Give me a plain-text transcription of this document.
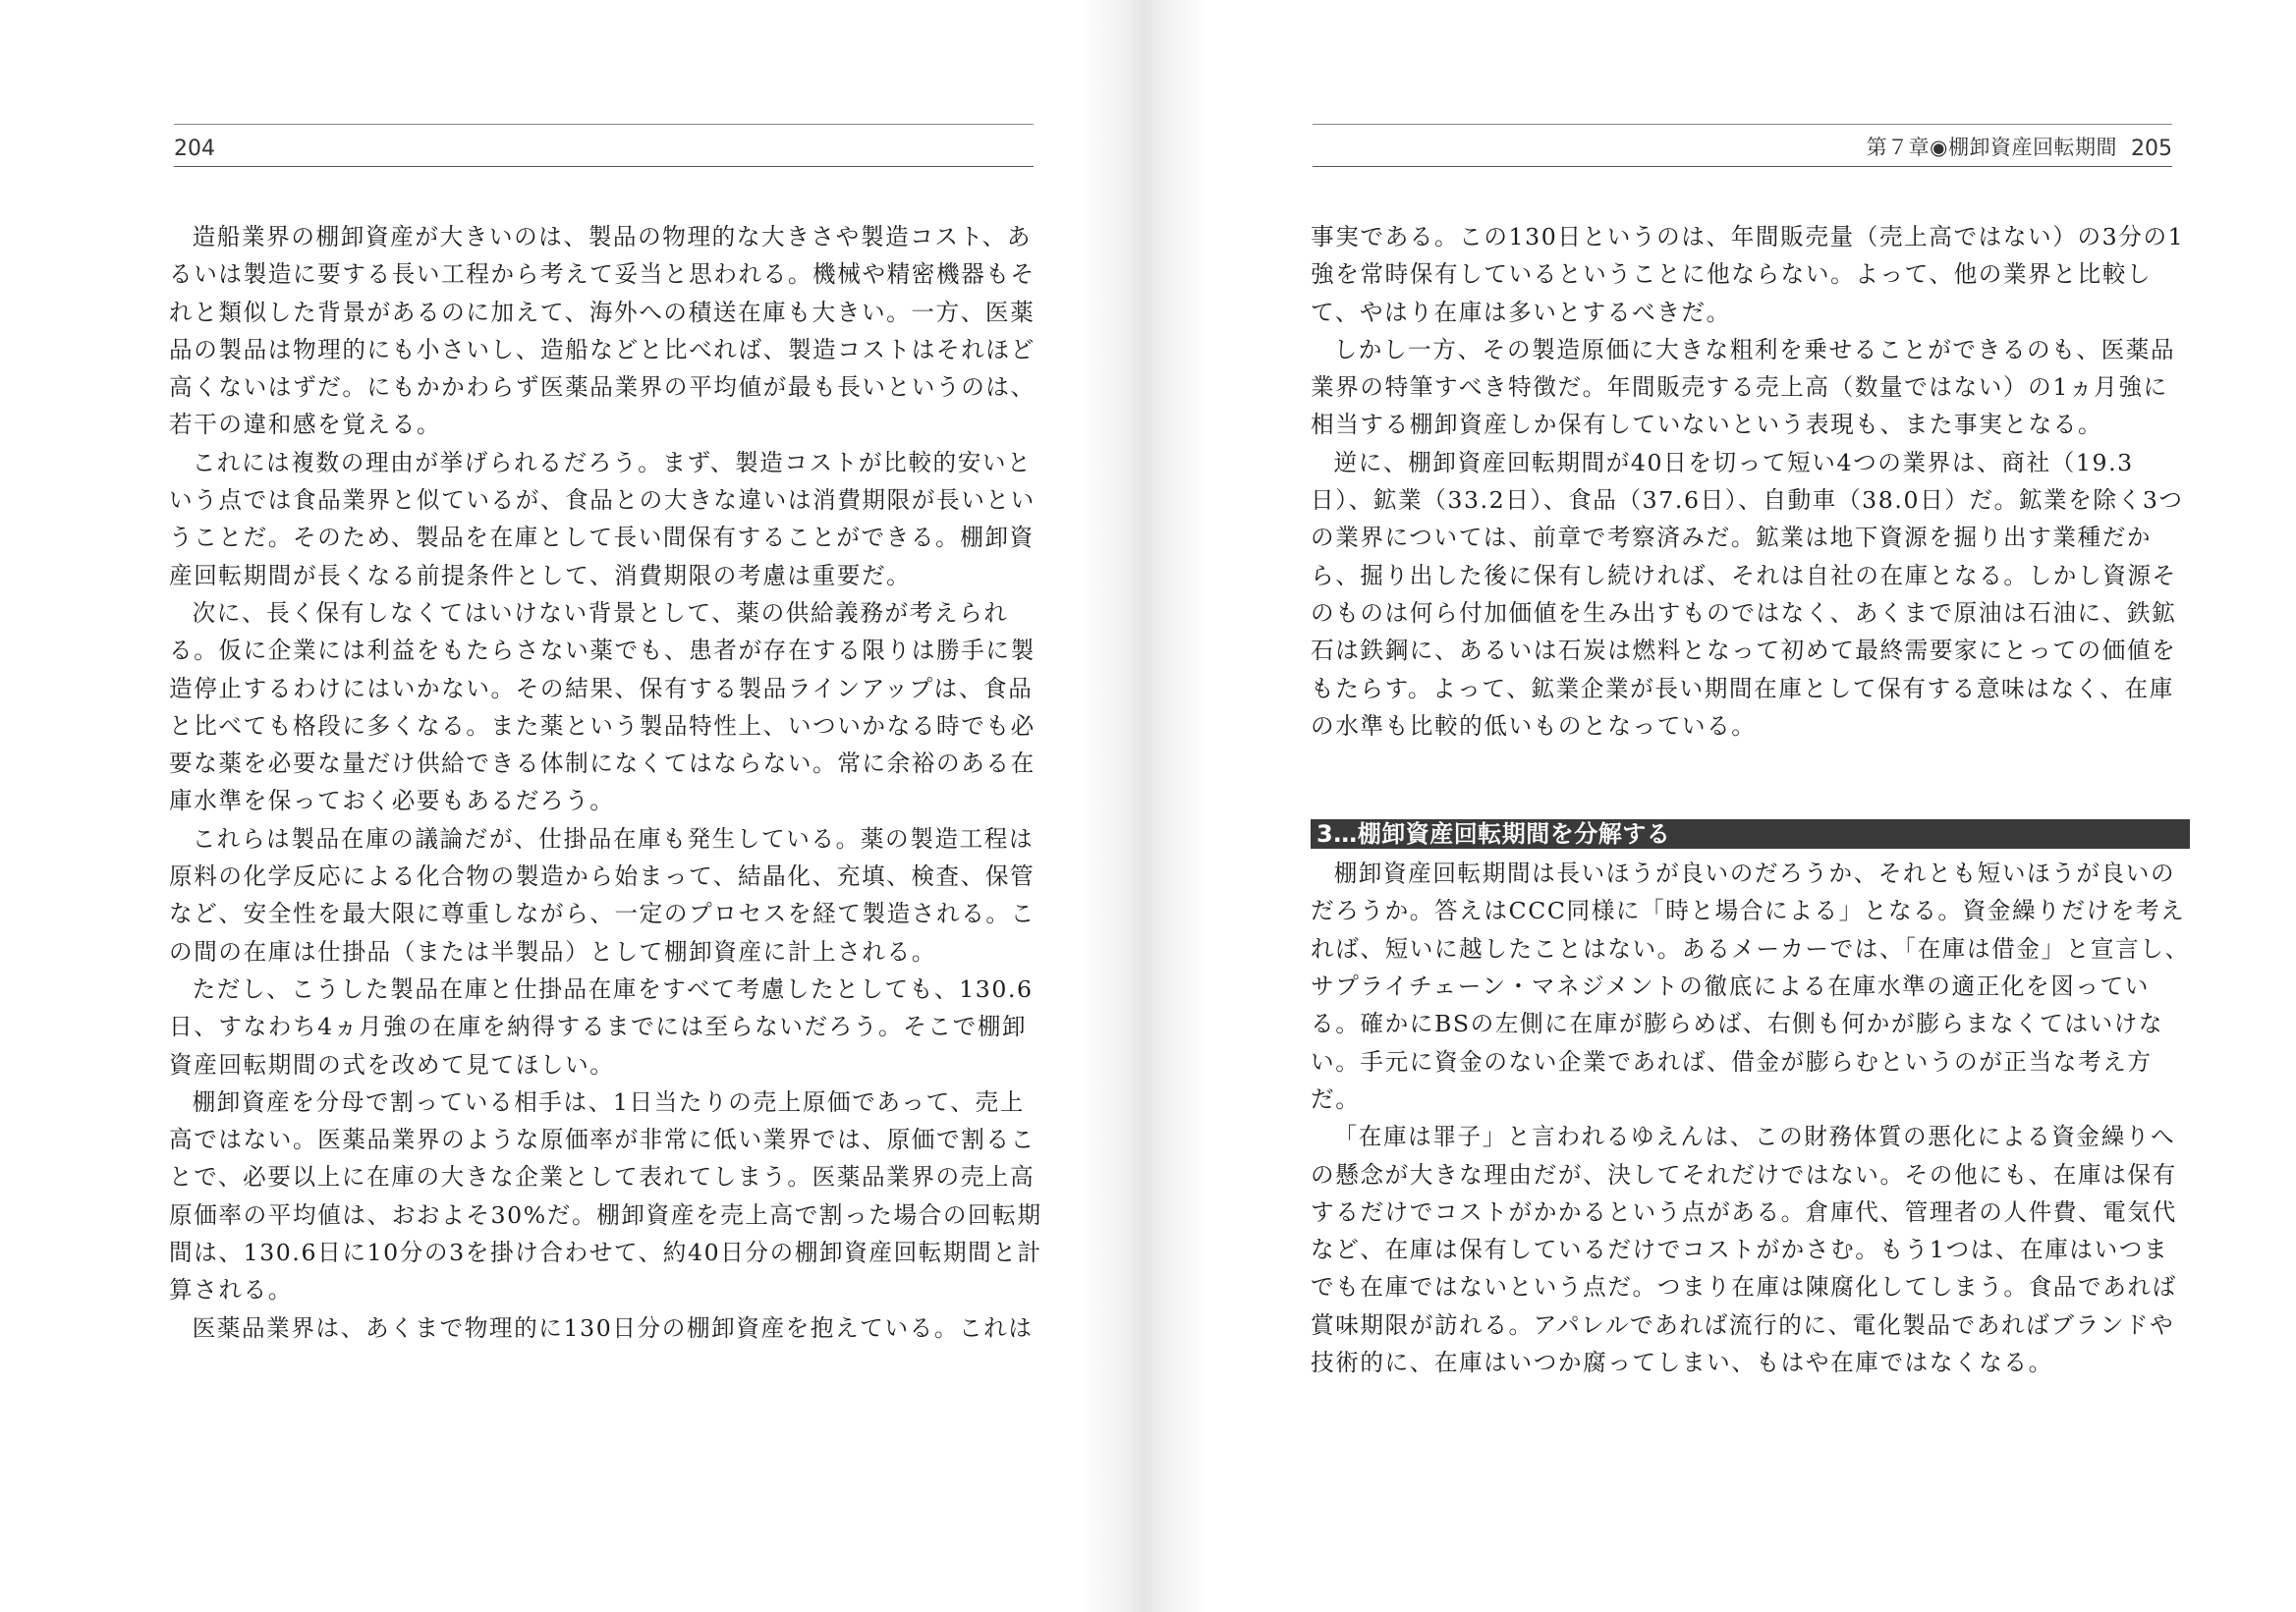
204

造船業界の棚卸資産が大きいのは、製品の物理的な大きさや製造コスト、あるいは製造に要する長い工程から考えて妥当と思われる。機械や精密機器もそれと類似した背景があるのに加えて、海外への積送在庫も大きい。一方、医薬品の製品は物理的にも小さいし、造船などと比べれば、製造コストはそれほど高くないはずだ。にもかかわらず医薬品業界の平均値が最も長いというのは、若干の違和感を覚える。

これには複数の理由が挙げられるだろう。まず、製造コストが比較的安いという点では食品業界と似ているが、食品との大きな違いは消費期限が長いということだ。そのため、製品を在庫として長い間保有することができる。棚卸資産回転期間が長くなる前提条件として、消費期限の考慮は重要だ。

次に、長く保有しなくてはいけない背景として、薬の供給義務が考えられる。仮に企業には利益をもたらさない薬でも、患者が存在する限りは勝手に製造停止するわけにはいかない。その結果、保有する製品ラインアップは、食品と比べても格段に多くなる。また薬という製品特性上、いついかなる時でも必要な薬を必要な量だけ供給できる体制になくてはならない。常に余裕のある在庫水準を保っておく必要もあるだろう。

これらは製品在庫の議論だが、仕掛品在庫も発生している。薬の製造工程は原料の化学反応による化合物の製造から始まって、結晶化、充填、検査、保管など、安全性を最大限に尊重しながら、一定のプロセスを経て製造される。この間の在庫は仕掛品（または半製品）として棚卸資産に計上される。

ただし、こうした製品在庫と仕掛品在庫をすべて考慮したとしても、130.6日、すなわち4ヵ月強の在庫を納得するまでには至らないだろう。そこで棚卸資産回転期間の式を改めて見てほしい。

棚卸資産を分母で割っている相手は、1日当たりの売上原価であって、売上高ではない。医薬品業界のような原価率が非常に低い業界では、原価で割ることで、必要以上に在庫の大きな企業として表れてしまう。医薬品業界の売上高原価率の平均値は、おおよそ30%だ。棚卸資産を売上高で割った場合の回転期間は、130.6日に10分の3を掛け合わせて、約40日分の棚卸資産回転期間と計算される。

医薬品業界は、あくまで物理的に130日分の棚卸資産を抱えている。これは

第７章◉棚卸資産回転期間 205

事実である。この130日というのは、年間販売量（売上高ではない）の3分の1強を常時保有しているということに他ならない。よって、他の業界と比較して、やはり在庫は多いとするべきだ。

しかし一方、その製造原価に大きな粗利を乗せることができるのも、医薬品業界の特筆すべき特徴だ。年間販売する売上高（数量ではない）の1ヵ月強に相当する棚卸資産しか保有していないという表現も、また事実となる。

逆に、棚卸資産回転期間が40日を切って短い4つの業界は、商社（19.3日）、鉱業（33.2日）、食品（37.6日）、自動車（38.0日）だ。鉱業を除く3つの業界については、前章で考察済みだ。鉱業は地下資源を掘り出す業種だから、掘り出した後に保有し続ければ、それは自社の在庫となる。しかし資源そのものは何ら付加価値を生み出すものではなく、あくまで原油は石油に、鉄鉱石は鉄鋼に、あるいは石炭は燃料となって初めて最終需要家にとっての価値をもたらす。よって、鉱業企業が長い期間在庫として保有する意味はなく、在庫の水準も比較的低いものとなっている。

3…棚卸資産回転期間を分解する

棚卸資産回転期間は長いほうが良いのだろうか、それとも短いほうが良いのだろうか。答えはCCC同様に「時と場合による」となる。資金繰りだけを考えれば、短いに越したことはない。あるメーカーでは、「在庫は借金」と宣言し、サプライチェーン・マネジメントの徹底による在庫水準の適正化を図っている。確かにBSの左側に在庫が膨らめば、右側も何かが膨らまなくてはいけない。手元に資金のない企業であれば、借金が膨らむというのが正当な考え方だ。

「在庫は罪子」と言われるゆえんは、この財務体質の悪化による資金繰りへの懸念が大きな理由だが、決してそれだけではない。その他にも、在庫は保有するだけでコストがかかるという点がある。倉庫代、管理者の人件費、電気代など、在庫は保有しているだけでコストがかさむ。もう1つは、在庫はいつまでも在庫ではないという点だ。つまり在庫は陳腐化してしまう。食品であれば賞味期限が訪れる。アパレルであれば流行的に、電化製品であればブランドや技術的に、在庫はいつか腐ってしまい、もはや在庫ではなくなる。
